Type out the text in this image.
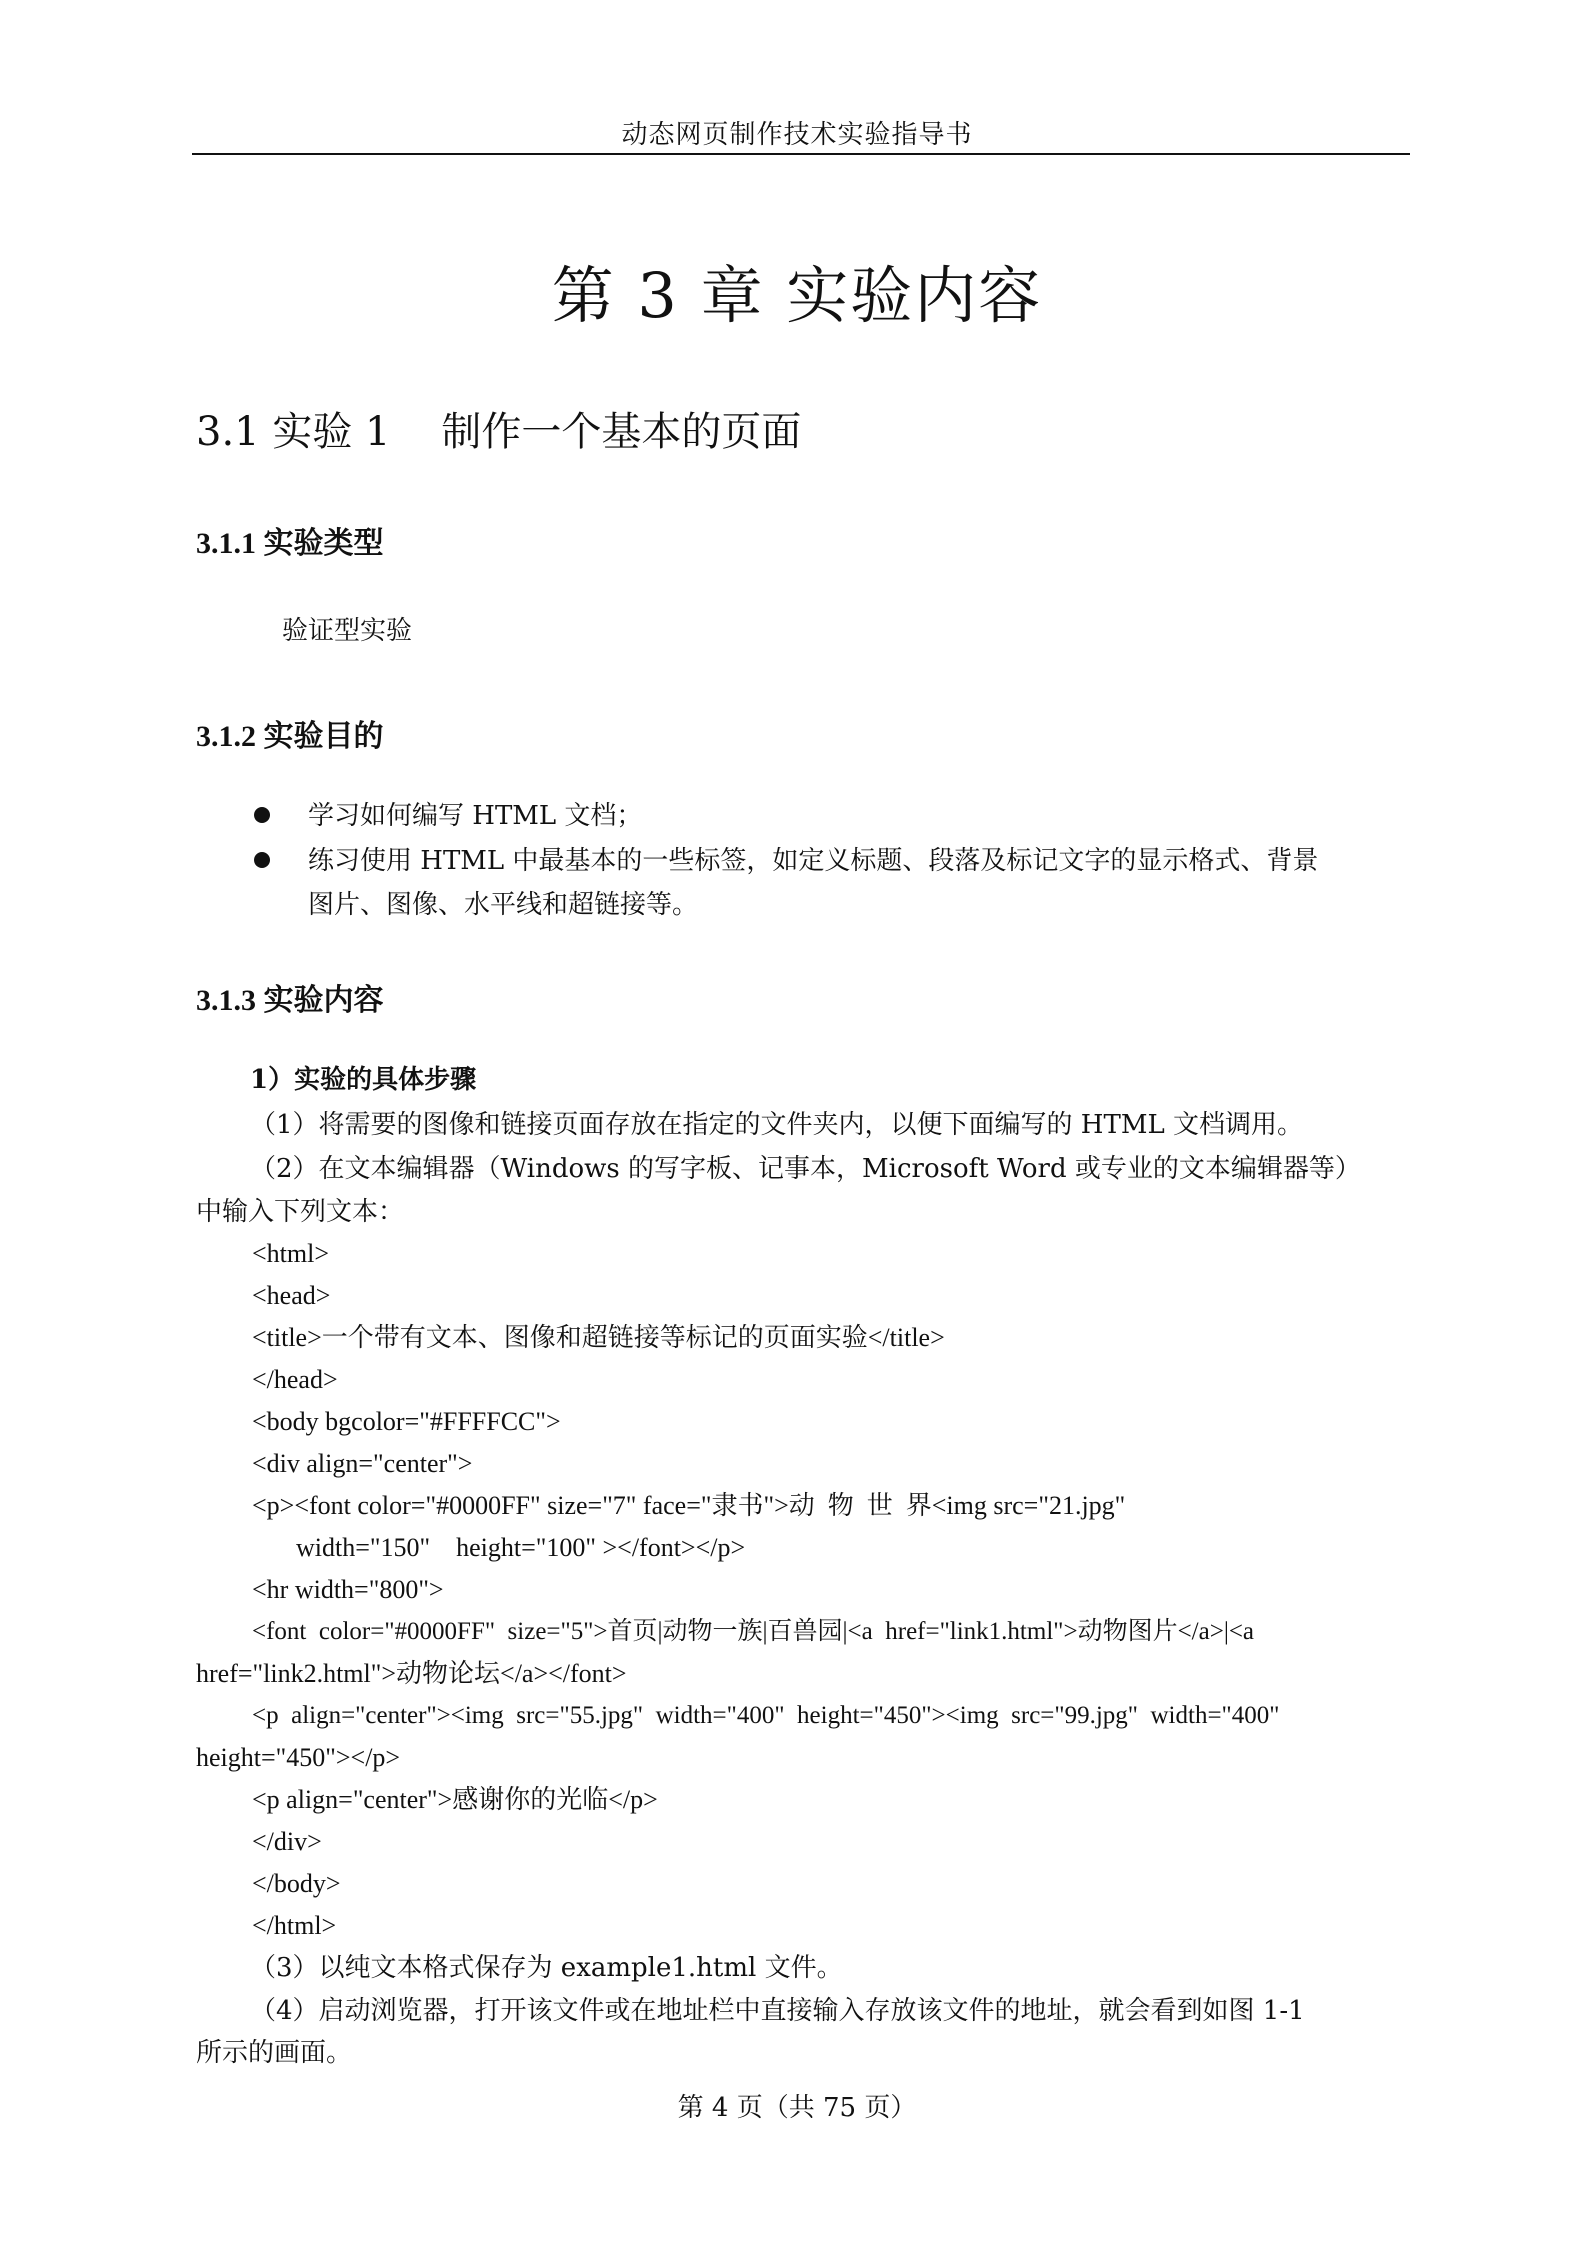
动态网页制作技术实验指导书
第 3 章 实验内容
3.1 实验 1    制作一个基本的页面
3.1.1 实验类型
验证型实验
3.1.2 实验目的
学习如何编写 HTML 文档；
练习使用 HTML 中最基本的一些标签，如定义标题、段落及标记文字的显示格式、背景
图片、图像、水平线和超链接等。
3.1.3 实验内容
1）实验的具体步骤
（1）将需要的图像和链接页面存放在指定的文件夹内，以便下面编写的 HTML 文档调用。
（2）在文本编辑器（Windows 的写字板、记事本，Microsoft Word 或专业的文本编辑器等）
中输入下列文本：
<html>
<head>
<title>一个带有文本、图像和超链接等标记的页面实验</title>
</head>
<body bgcolor="#FFFFCC">
<div align="center">
<p><font color="#0000FF" size="7" face="隶书">动  物  世  界<img src="21.jpg"
width="150"    height="100" ></font></p>
<hr width="800">
<font  color="#0000FF"  size="5">首页|动物一族|百兽园|<a  href="link1.html">动物图片</a>|<a
href="link2.html">动物论坛</a></font>
<p  align="center"><img  src="55.jpg"  width="400"  height="450"><img  src="99.jpg"  width="400"
height="450"></p>
<p align="center">感谢你的光临</p>
</div>
</body>
</html>
（3）以纯文本格式保存为 example1.html 文件。
（4）启动浏览器，打开该文件或在地址栏中直接输入存放该文件的地址，就会看到如图 1-1
所示的画面。
第 4 页（共 75 页）
